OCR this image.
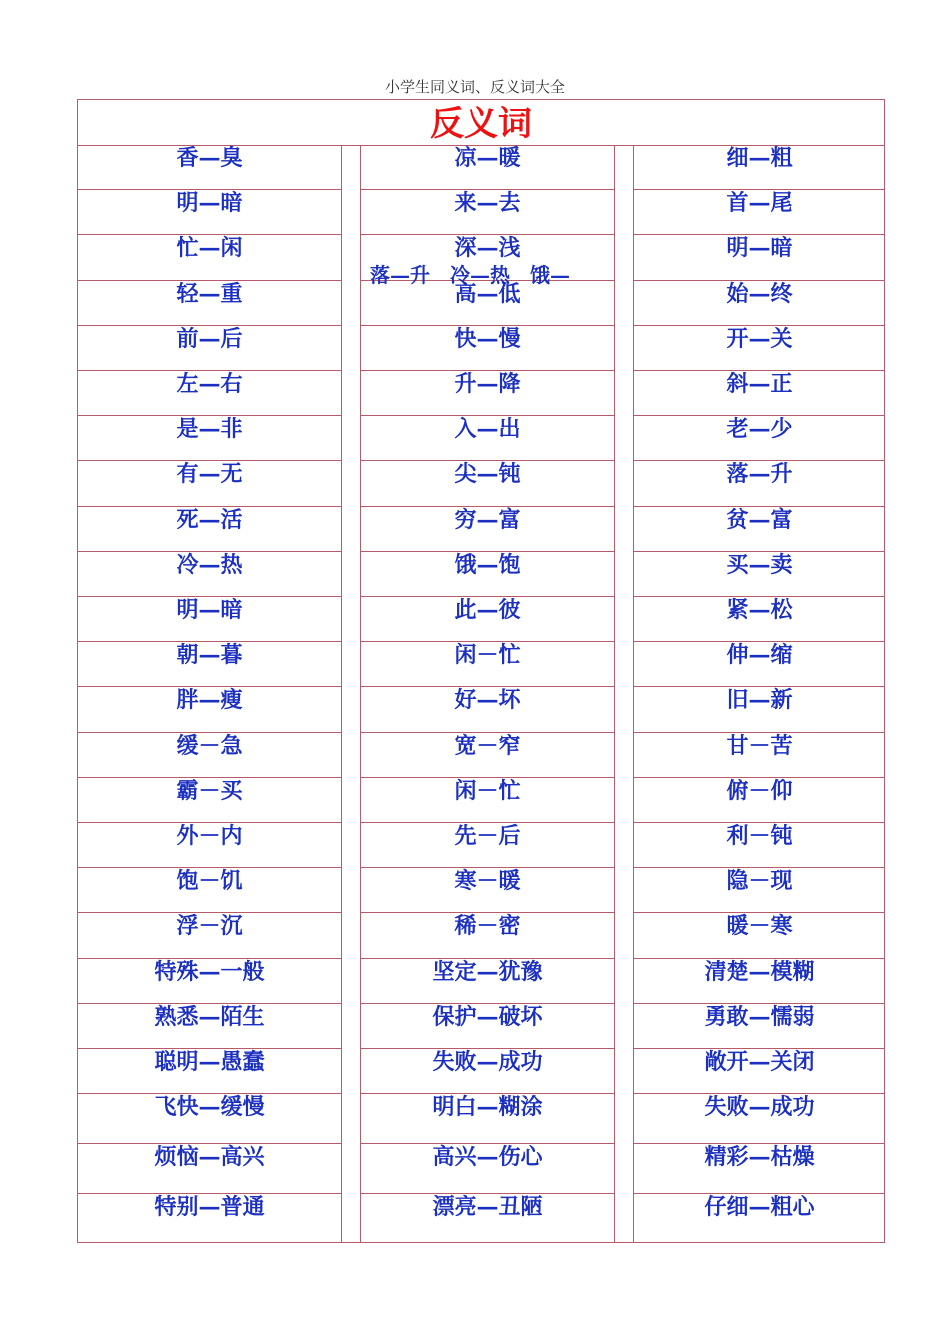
小学生同义词、反义词大全
反义词
香—臭
明—暗
忙—闲
轻—重
前—后
左—右
是—非
有—无
死—活
冷—热
明—暗
朝—暮
胖—瘦
缓－急
霸－买
外－内
饱－饥
浮－沉
特殊—一般
熟悉—陌生
聪明—愚蠢
飞快—缓慢
烦恼—高兴
特别—普通
凉—暖
来—去
深—浅
高—低
快—慢
升—降
入—出
尖—钝
穷—富
饿—饱
此—彼
闲－忙
好—坏
宽－窄
闲－忙
先－后
寒－暖
稀－密
坚定—犹豫
保护—破坏
失败—成功
明白—糊涂
高兴—伤心
漂亮—丑陋
细—粗
首—尾
明—暗
始—终
开—关
斜—正
老—少
落—升
贫—富
买—卖
紧—松
伸—缩
旧—新
甘－苦
俯－仰
利－钝
隐－现
暖－寒
清楚—模糊
勇敢—懦弱
敞开—关闭
失败—成功
精彩—枯燥
仔细—粗心
落—升　冷—热　饿—
